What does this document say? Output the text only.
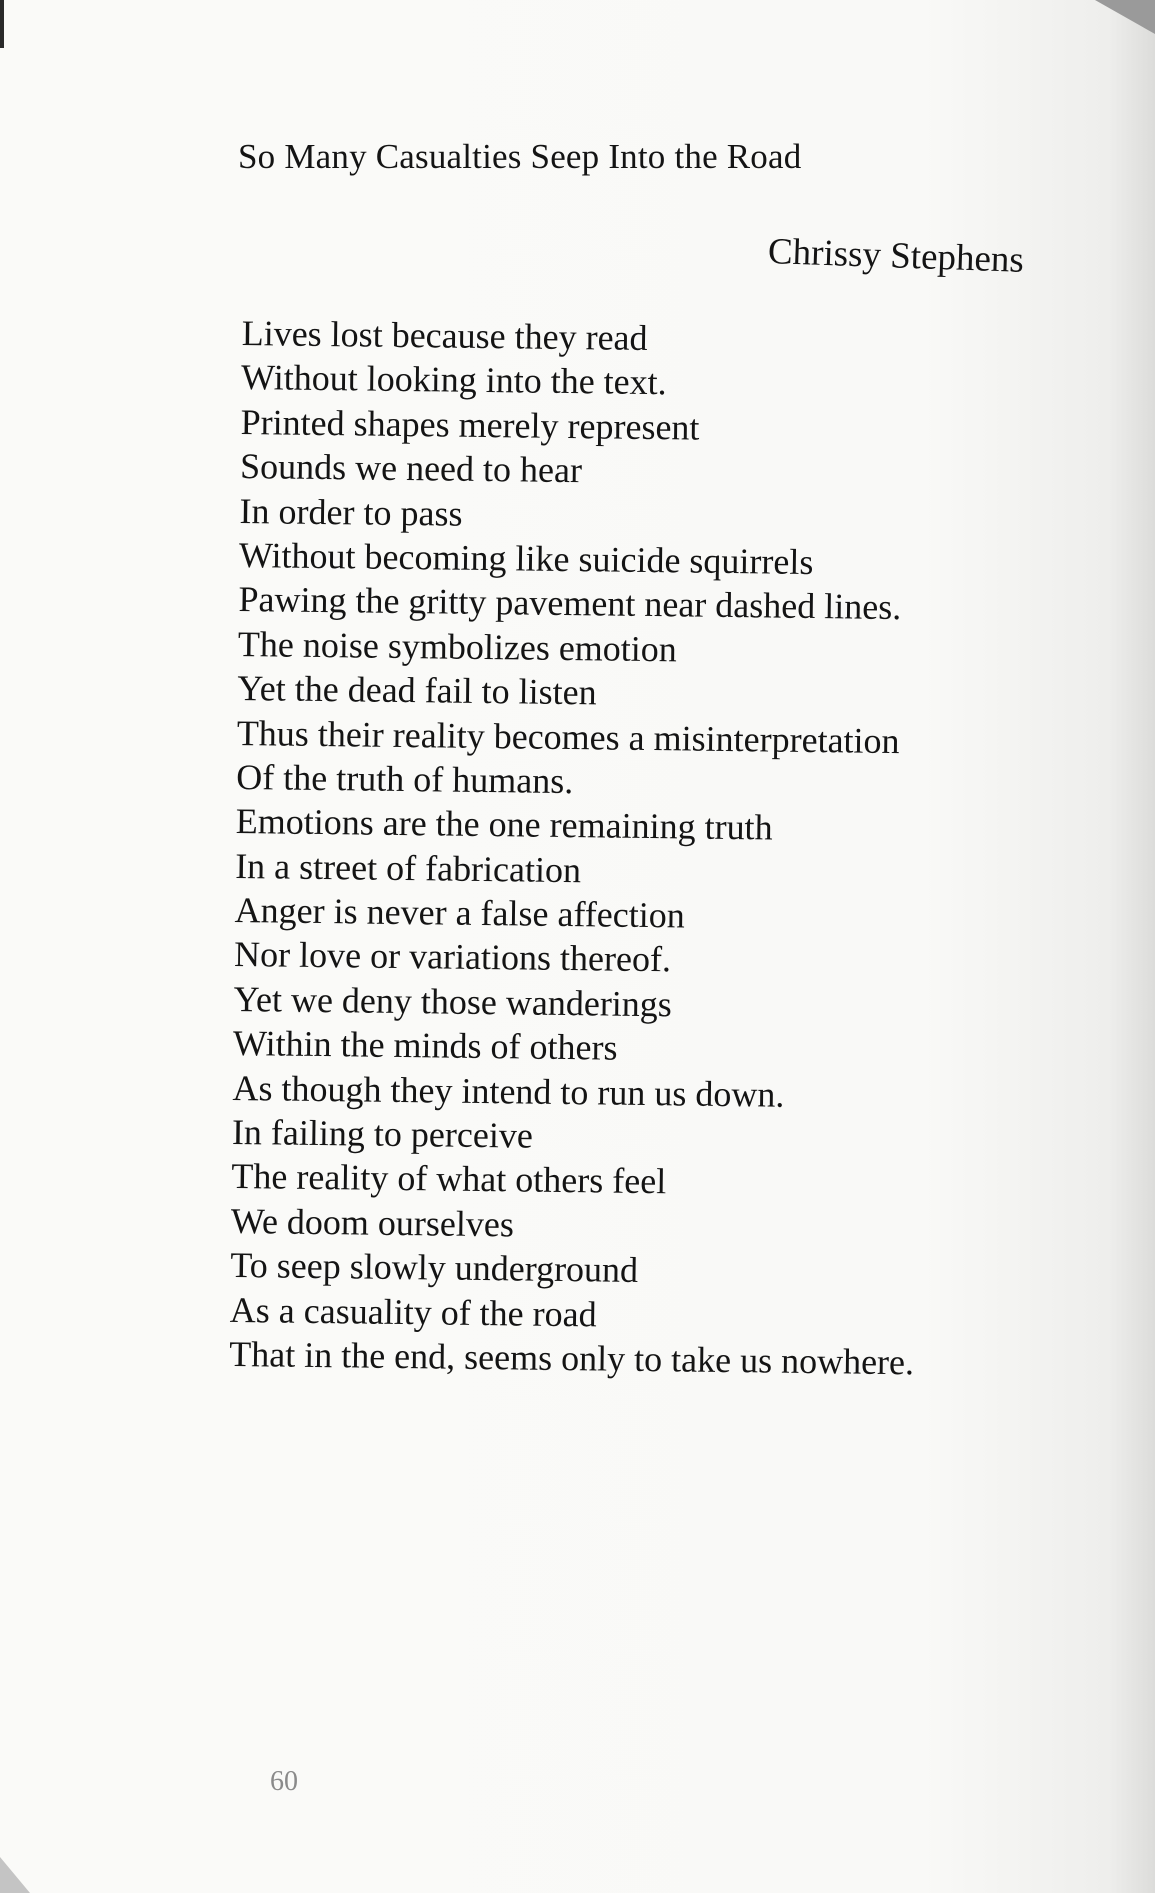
So Many Casualties Seep Into the Road
Chrissy Stephens
Lives lost because they read
Without looking into the text.
Printed shapes merely represent
Sounds we need to hear
In order to pass
Without becoming like suicide squirrels
Pawing the gritty pavement near dashed lines.
The noise symbolizes emotion
Yet the dead fail to listen
Thus their reality becomes a misinterpretation
Of the truth of humans.
Emotions are the one remaining truth
In a street of fabrication
Anger is never a false affection
Nor love or variations thereof.
Yet we deny those wanderings
Within the minds of others
As though they intend to run us down.
In failing to perceive
The reality of what others feel
We doom ourselves
To seep slowly underground
As a casuality of the road
That in the end, seems only to take us nowhere.
60
